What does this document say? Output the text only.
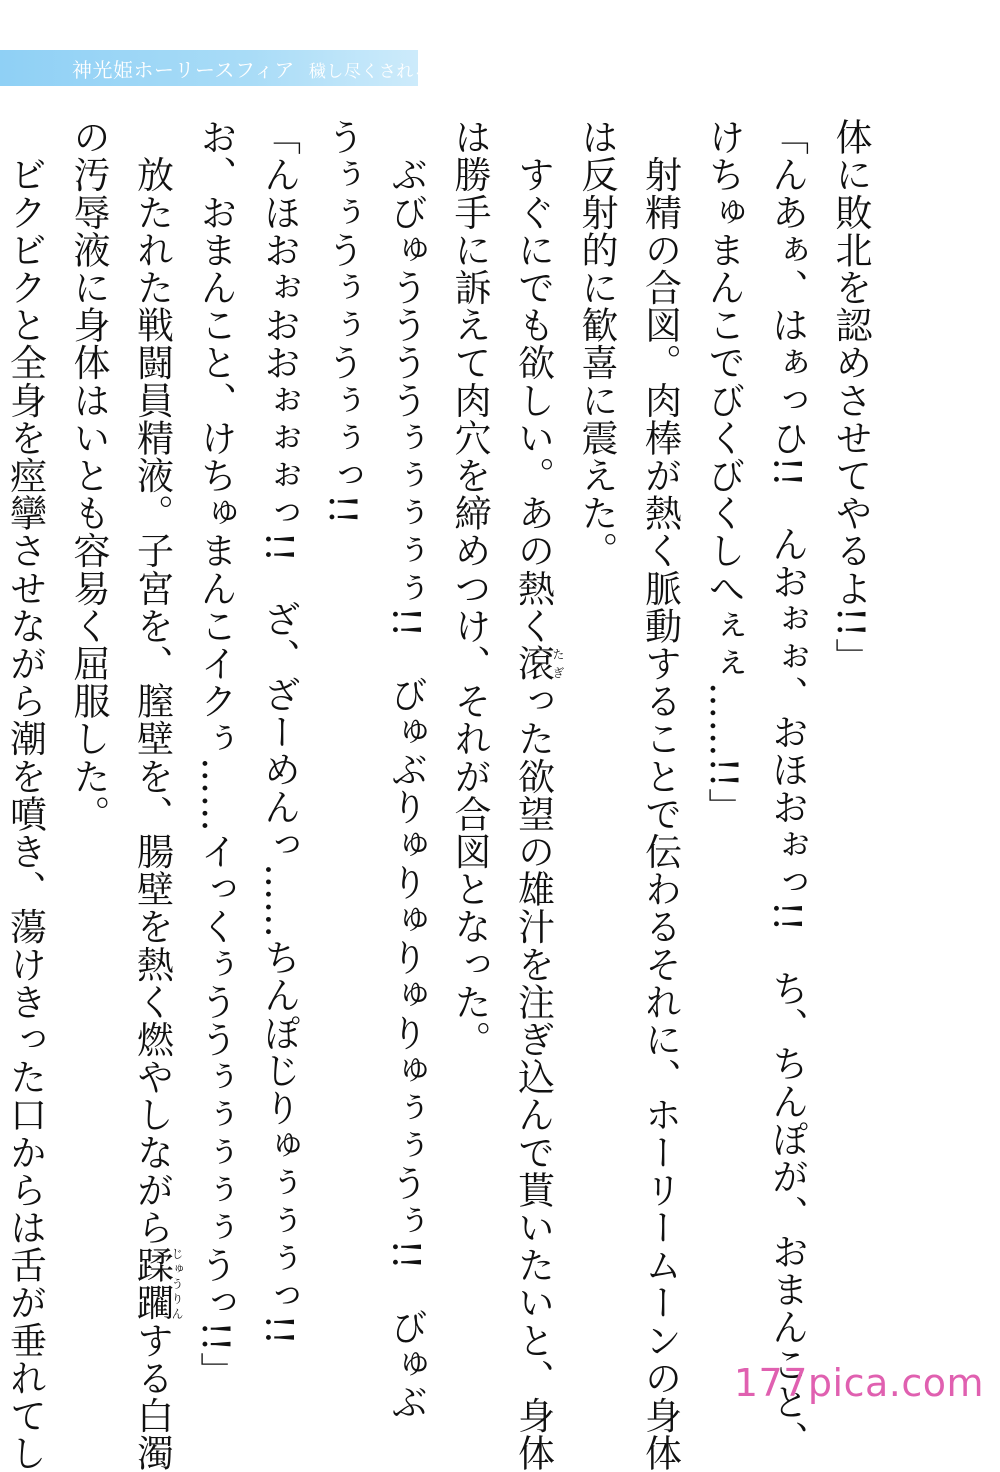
神光姫ホーリースフィア 穢し尽くされる正義

体に敗北を認めさせてやるよ!!」

「んあぁ、はぁっひ!!　んおぉぉ、おほおぉっ!!　ち、ちんぽが、おまんこと、

けちゅまんこでびくびくしへぇぇ……!!」

　射精の合図。肉棒が熱く脈動することで伝わるそれに、ホーリームーンの身体

は反射的に歓喜に震えた。

　すぐにでも欲しい。あの熱く滾たぎった欲望の雄汁を注ぎ込んで貰いたいと、身体

は勝手に訴えて肉穴を締めつけ、それが合図となった。

　ぶびゅううううぅぅぅぅぅ!!　びゅぶりゅりゅりゅりゅぅぅうぅ!!　びゅぶ

うぅぅうぅぅうぅぅっ!!

「んほおぉおおぉぉぉっ!!　ざ、ざーめんっ……ちんぽじりゅぅぅぅっ!!

お、おまんこと、けちゅまんこイクぅ……イっくぅううぅぅぅぅぅうっ!!」

　放たれた戦闘員精液。子宮を、膣壁を、腸壁を熱く燃やしながら蹂躙じゅうりんする白濁

の汚辱液に身体はいとも容易く屈服した。

　ビクビクと全身を痙攣させながら潮を噴き、蕩けきった口からは舌が垂れてし	177pica.com
